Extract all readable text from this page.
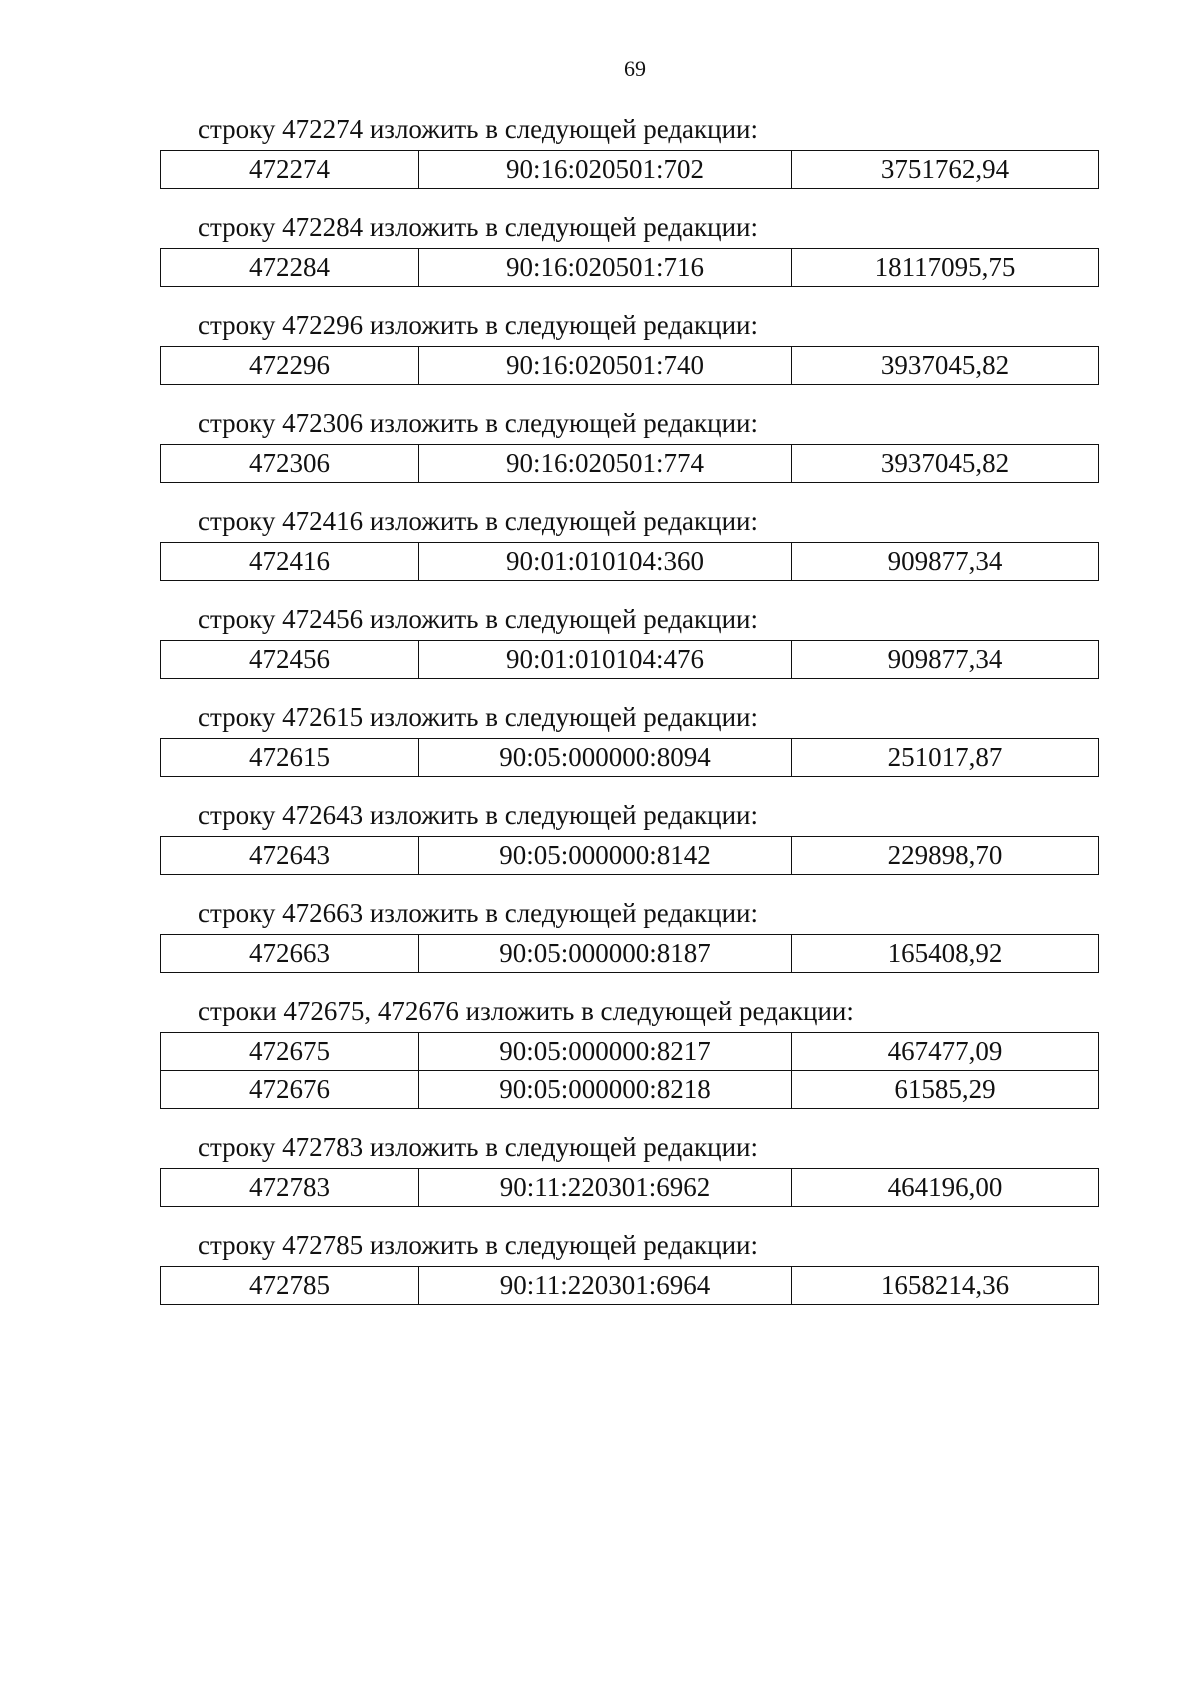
69
строку 472274 изложить в следующей редакции:
472274	90:16:020501:702	3751762,94
строку 472284 изложить в следующей редакции:
472284	90:16:020501:716	18117095,75
строку 472296 изложить в следующей редакции:
472296	90:16:020501:740	3937045,82
строку 472306 изложить в следующей редакции:
472306	90:16:020501:774	3937045,82
строку 472416 изложить в следующей редакции:
472416	90:01:010104:360	909877,34
строку 472456 изложить в следующей редакции:
472456	90:01:010104:476	909877,34
строку 472615 изложить в следующей редакции:
472615	90:05:000000:8094	251017,87
строку 472643 изложить в следующей редакции:
472643	90:05:000000:8142	229898,70
строку 472663 изложить в следующей редакции:
472663	90:05:000000:8187	165408,92
строки 472675, 472676 изложить в следующей редакции:
472675	90:05:000000:8217	467477,09
472676	90:05:000000:8218	61585,29
строку 472783 изложить в следующей редакции:
472783	90:11:220301:6962	464196,00
строку 472785 изложить в следующей редакции:
472785	90:11:220301:6964	1658214,36
